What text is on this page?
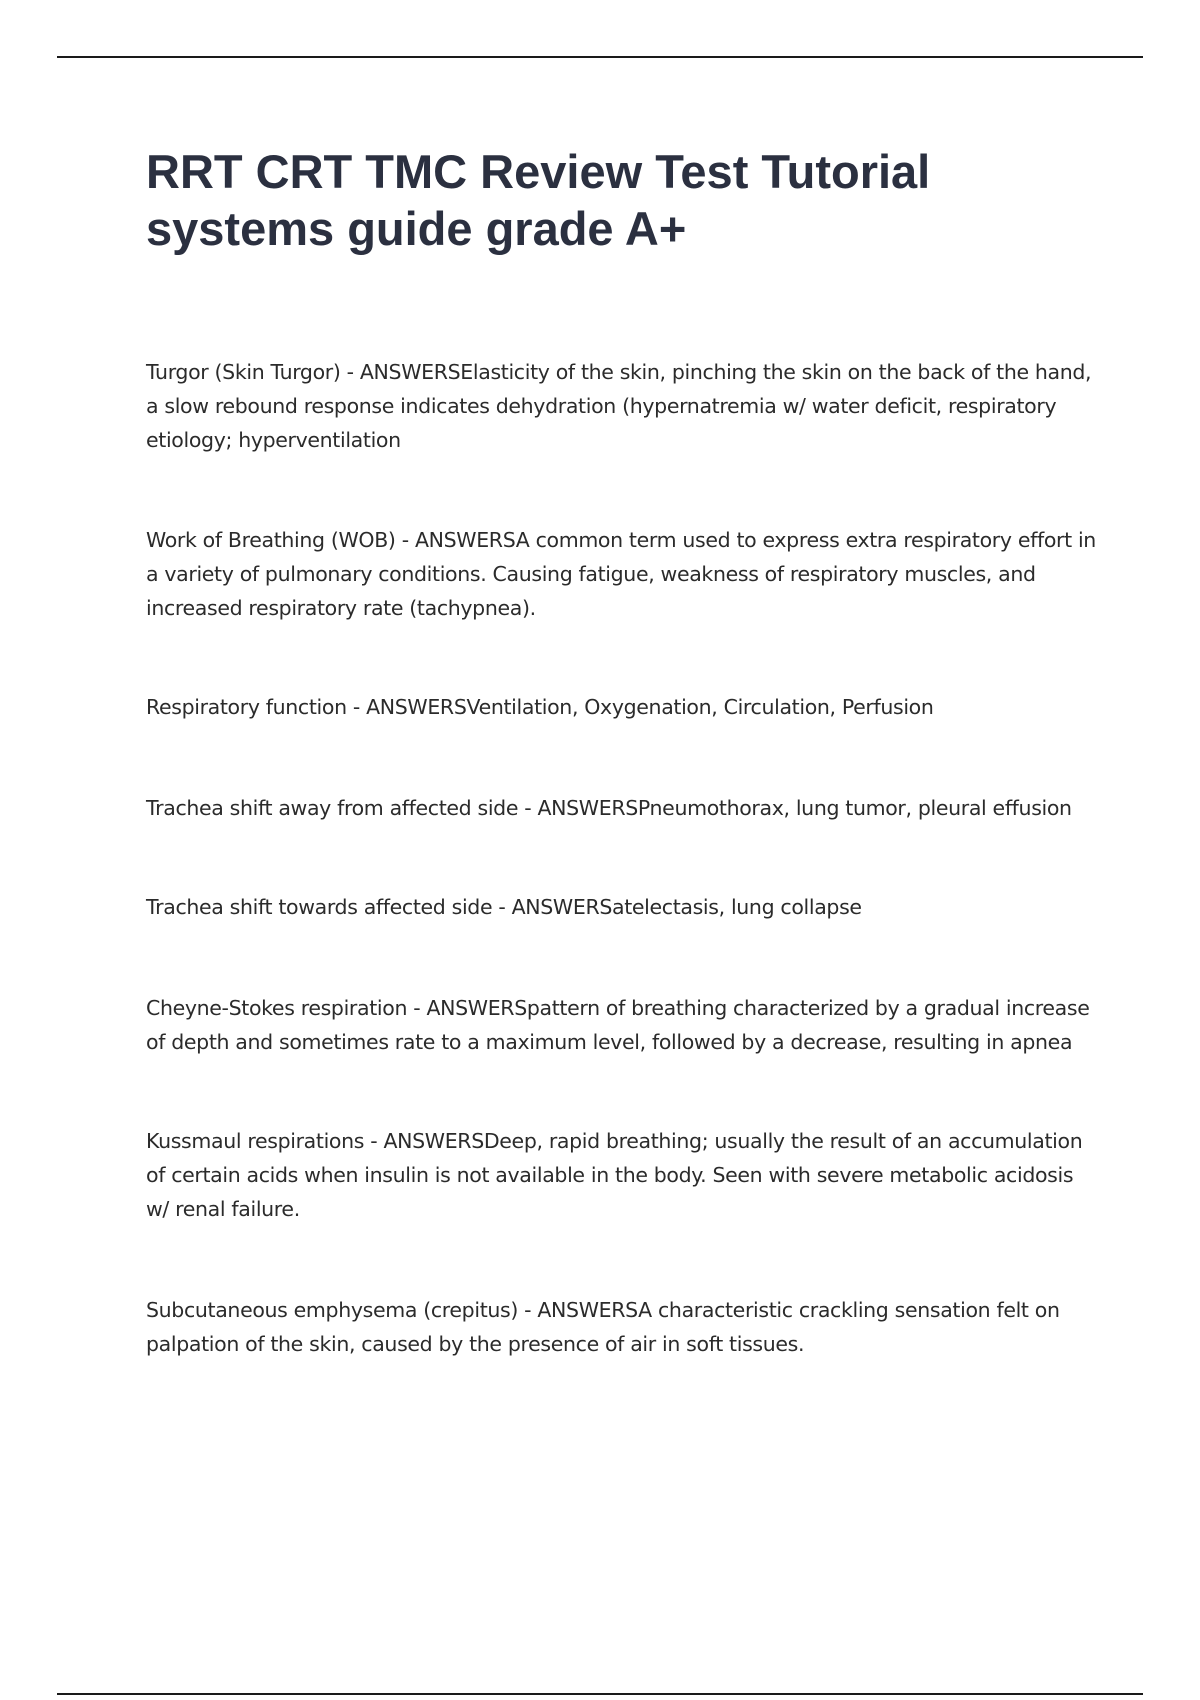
RRT CRT TMC Review Test Tutorial systems guide grade A+

Turgor (Skin Turgor) - ANSWERSElasticity of the skin, pinching the skin on the back of the hand, a slow rebound response indicates dehydration (hypernatremia w/ water deficit, respiratory etiology; hyperventilation

Work of Breathing (WOB) - ANSWERSA common term used to express extra respiratory effort in a variety of pulmonary conditions. Causing fatigue, weakness of respiratory muscles, and increased respiratory rate (tachypnea).

Respiratory function - ANSWERSVentilation, Oxygenation, Circulation, Perfusion

Trachea shift away from affected side - ANSWERSPneumothorax, lung tumor, pleural effusion

Trachea shift towards affected side - ANSWERSatelectasis, lung collapse

Cheyne-Stokes respiration - ANSWERSpattern of breathing characterized by a gradual increase of depth and sometimes rate to a maximum level, followed by a decrease, resulting in apnea

Kussmaul respirations - ANSWERSDeep, rapid breathing; usually the result of an accumulation of certain acids when insulin is not available in the body. Seen with severe metabolic acidosis w/ renal failure.

Subcutaneous emphysema (crepitus) - ANSWERSA characteristic crackling sensation felt on palpation of the skin, caused by the presence of air in soft tissues.
